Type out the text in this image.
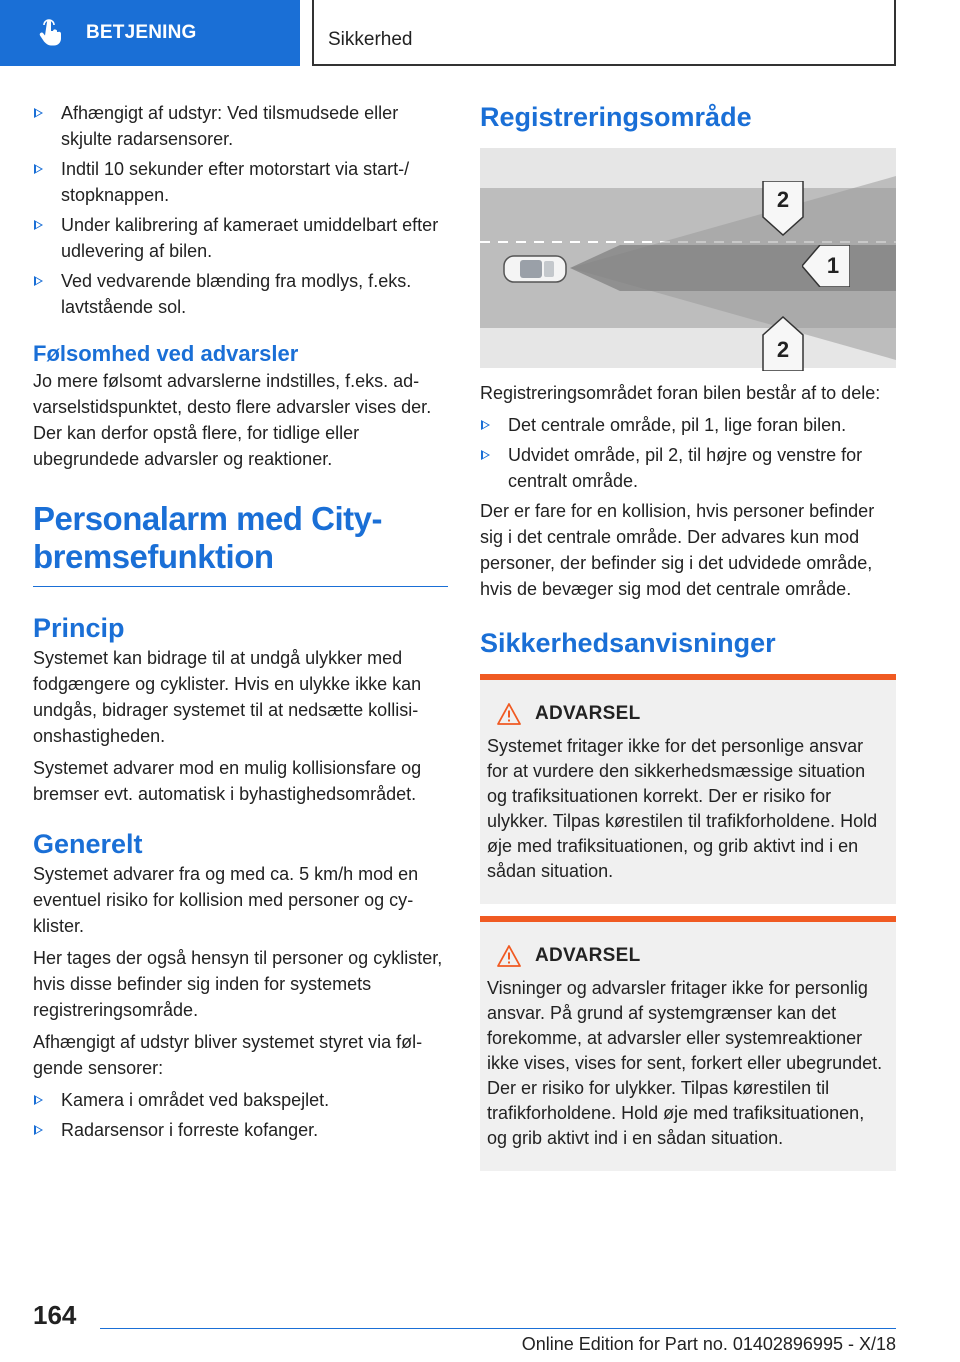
BETJENING	Sikkerhed
Afhængigt af udstyr: Ved tilsmudsede eller skjulte radarsensorer.
Indtil 10 sekunder efter motorstart via start-/ stopknappen.
Under kalibrering af kameraet umiddelbart efter udlevering af bilen.
Ved vedvarende blænding fra modlys, f.eks. lavtstående sol.
Følsomhed ved advarsler

Jo mere følsomt advarslerne indstilles, f.eks. advarselstidspunktet, desto flere advarsler vises der. Der kan derfor opstå flere, for tidlige eller ubegrundede advarsler og reaktioner.

Personalarm med City-bremsefunktion
Princip

Systemet kan bidrage til at undgå ulykker med fodgængere og cyklister. Hvis en ulykke ikke kan undgås, bidrager systemet til at nedsætte kollisionshastigheden.

Systemet advarer mod en mulig kollisionsfare og bremser evt. automatisk i byhastighedsområdet.

Generelt

Systemet advarer fra og med ca. 5 km/h mod en eventuel risiko for kollision med personer og cyklister.

Her tages der også hensyn til personer og cyklister, hvis disse befinder sig inden for systemets registreringsområde.

Afhængigt af udstyr bliver systemet styret via følgende sensorer:

Kamera i området ved bakspejlet.
Radarsensor i forreste kofanger.
Registreringsområde
2
1
2

Registreringsområdet foran bilen består af to dele:

Det centrale område, pil 1, lige foran bilen.
Udvidet område, pil 2, til højre og venstre for centralt område.

Der er fare for en kollision, hvis personer befinder sig i det centrale område. Der advares kun mod personer, der befinder sig i det udvidede område, hvis de bevæger sig mod det centrale område.

Sikkerhedsanvisninger
ADVARSEL

Systemet fritager ikke for det personlige ansvar for at vurdere den sikkerhedsmæssige situation og trafiksituationen korrekt. Der er risiko for ulykker. Tilpas kørestilen til trafikforholdene. Hold øje med trafiksituationen, og grib aktivt ind i en sådan situation.

ADVARSEL

Visninger og advarsler fritager ikke for personlig ansvar. På grund af systemgrænser kan det forekomme, at advarsler eller systemreaktioner ikke vises, vises for sent, forkert eller ubegrundet. Der er risiko for ulykker. Tilpas kørestilen til trafikforholdene. Hold øje med trafiksituationen, og grib aktivt ind i en sådan situation.

164
Online Edition for Part no. 01402896995 - X/18
